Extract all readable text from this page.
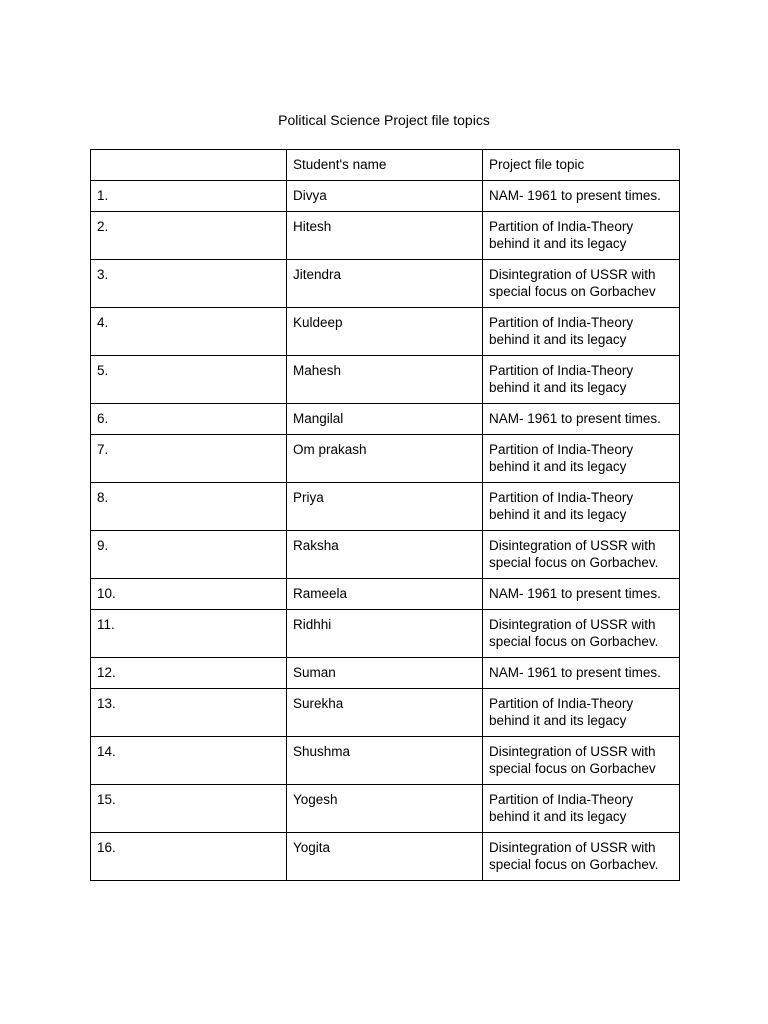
Political Science Project file topics
	Student's name	Project file topic
1.	Divya	NAM- 1961 to present times.
2.	Hitesh	Partition of India-Theory behind it and its legacy
3.	Jitendra	Disintegration of USSR with special focus on Gorbachev
4.	Kuldeep	Partition of India-Theory behind it and its legacy
5.	Mahesh	Partition of India-Theory behind it and its legacy
6.	Mangilal	NAM- 1961 to present times.
7.	Om prakash	Partition of India-Theory behind it and its legacy
8.	Priya	Partition of India-Theory behind it and its legacy
9.	Raksha	Disintegration of USSR with special focus on Gorbachev.
10.	Rameela	NAM- 1961 to present times.
11.	Ridhhi	Disintegration of USSR with special focus on Gorbachev.
12.	Suman	NAM- 1961 to present times.
13.	Surekha	Partition of India-Theory behind it and its legacy
14.	Shushma	Disintegration of USSR with special focus on Gorbachev
15.	Yogesh	Partition of India-Theory behind it and its legacy
16.	Yogita	Disintegration of USSR with special focus on Gorbachev.
